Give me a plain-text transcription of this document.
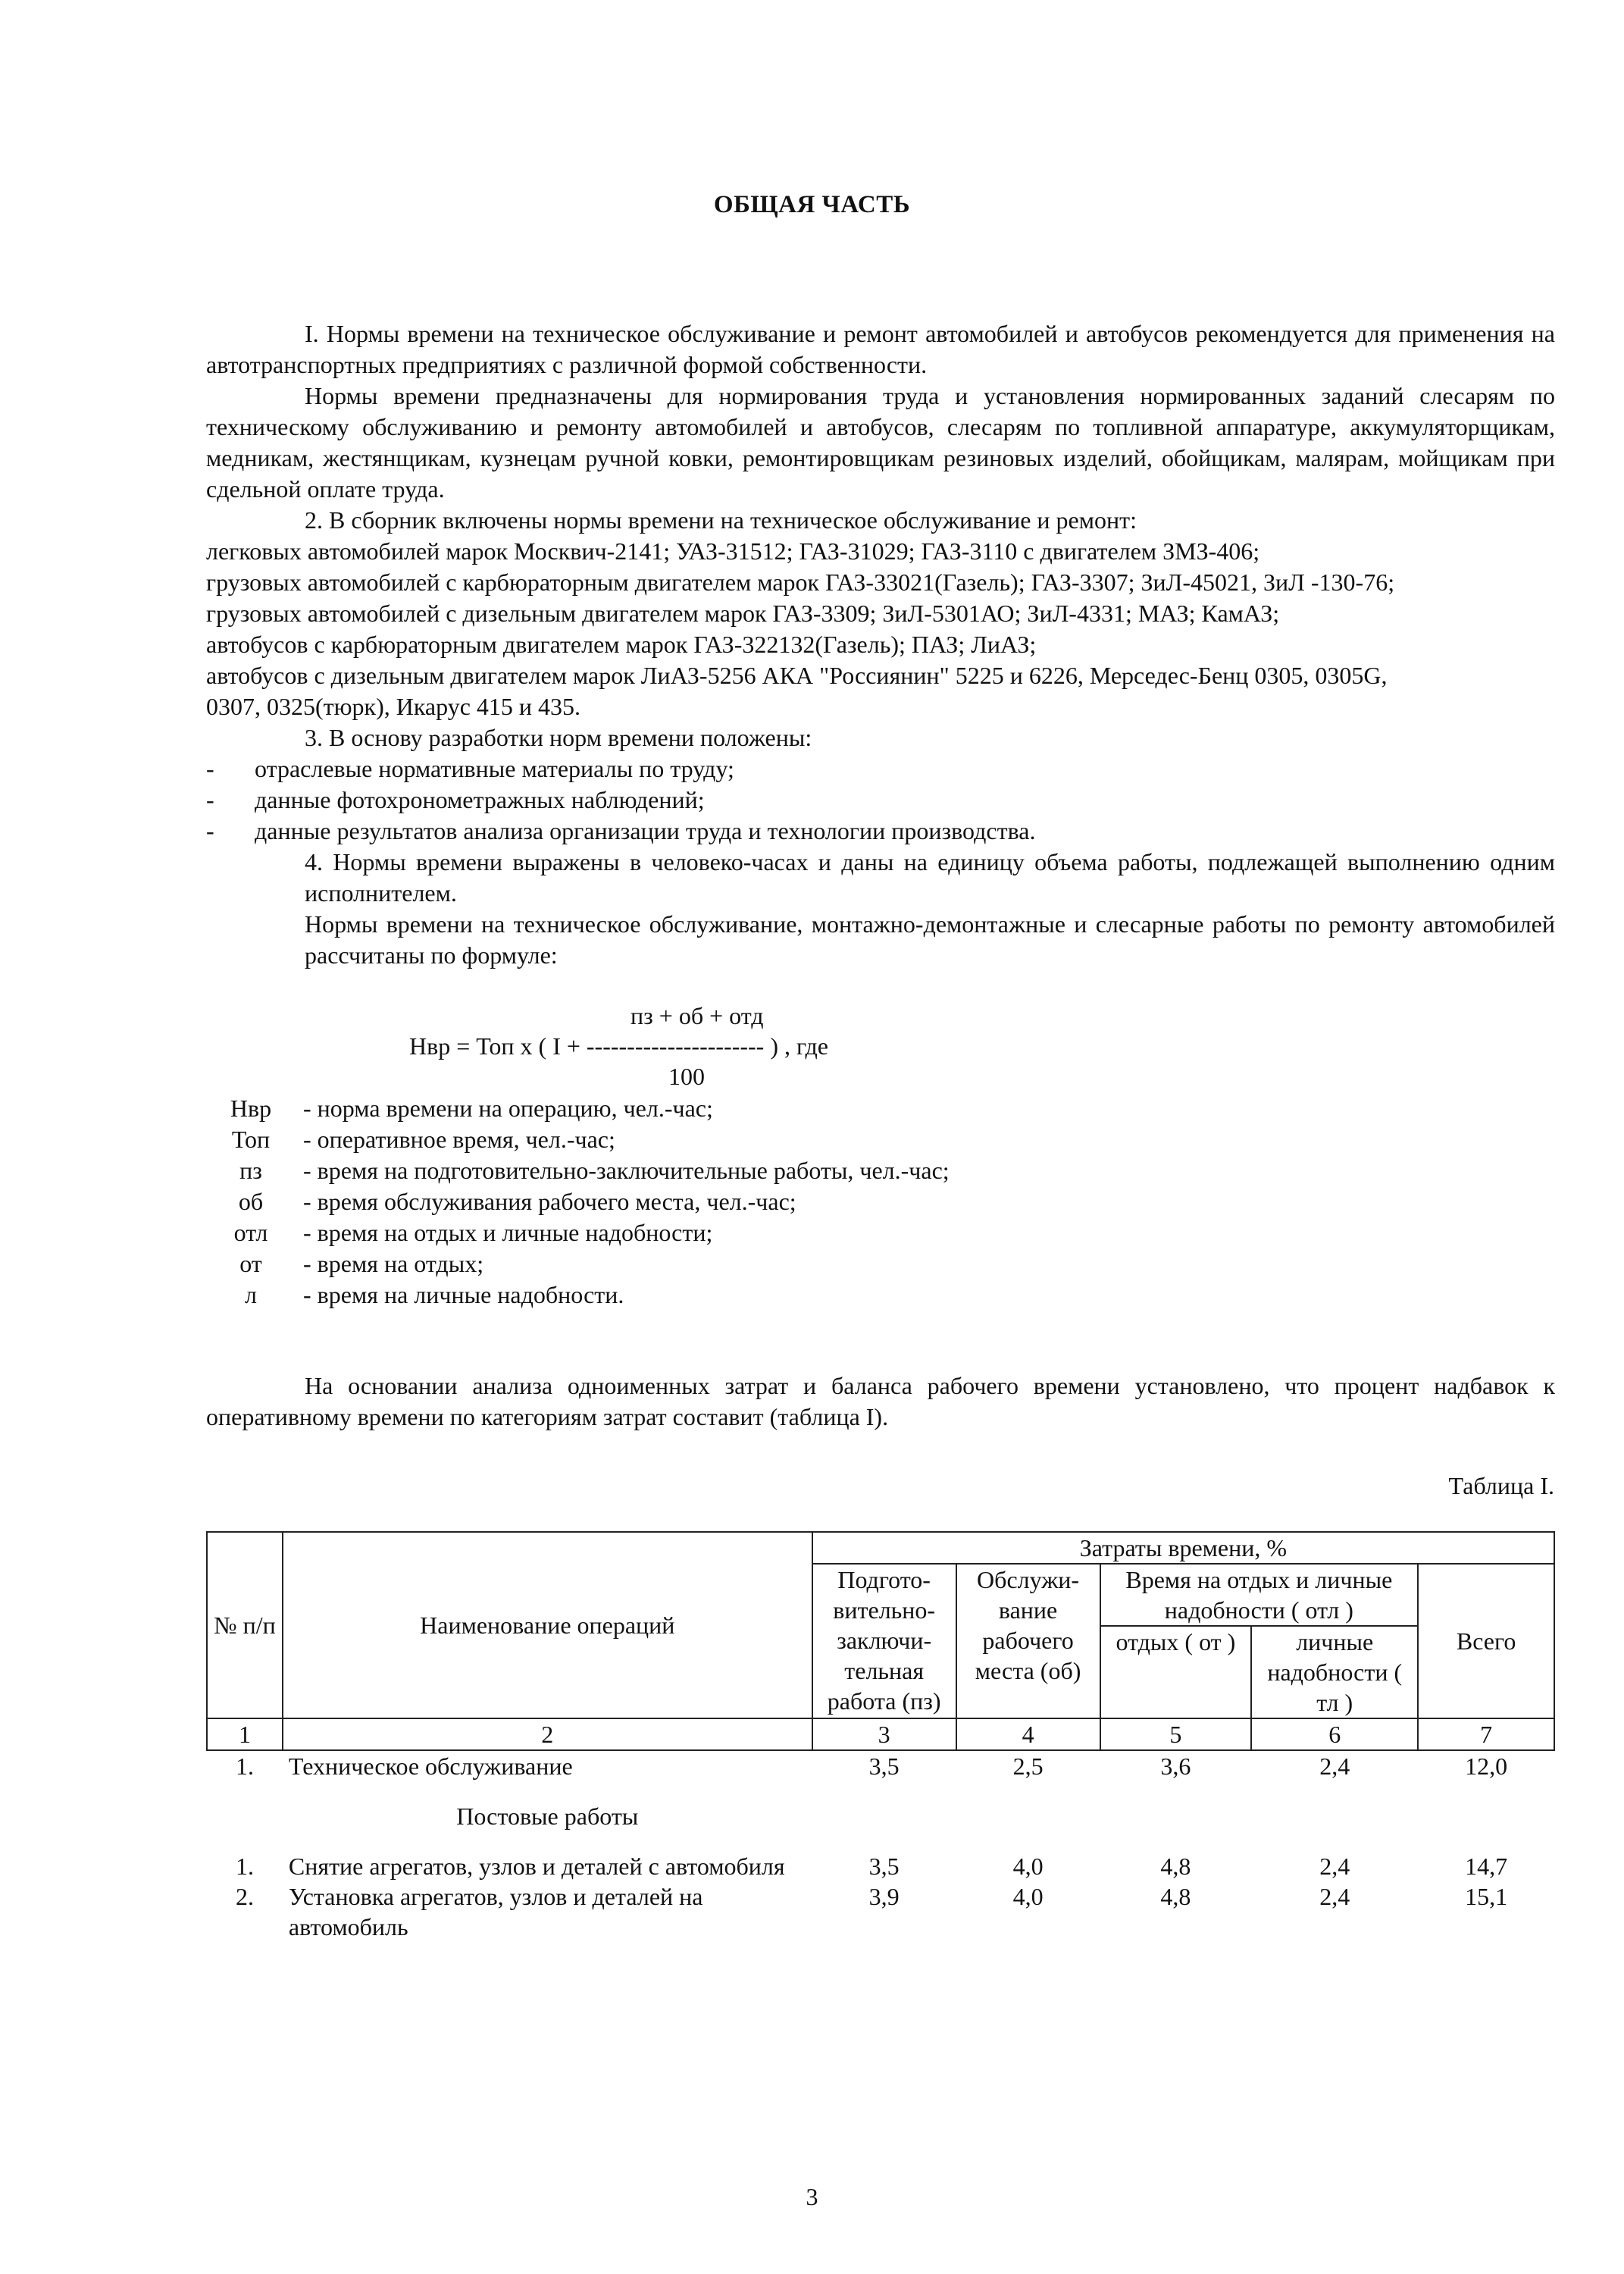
ОБЩАЯ ЧАСТЬ
I. Нормы времени на техническое обслуживание и ремонт автомобилей и автобусов рекомендуется для применения на автотранспортных предприятиях с различной формой собственности.
Нормы времени предназначены для нормирования труда и установления нормированных заданий слесарям по техническому обслуживанию и ремонту автомобилей и автобусов, слесарям по топливной аппаратуре, аккумуляторщикам, медникам, жестянщикам, кузнецам ручной ковки, ремонтировщикам резиновых изделий, обойщикам, малярам, мойщикам при сдельной оплате труда.
2. В сборник включены нормы времени на техническое обслуживание и ремонт:
легковых автомобилей марок Москвич-2141; УАЗ-31512; ГАЗ-31029; ГАЗ-3110 с двигателем ЗМЗ-406;
грузовых автомобилей с карбюраторным двигателем марок ГАЗ-33021(Газель); ГАЗ-3307; ЗиЛ-45021, ЗиЛ -130-76;
грузовых автомобилей с дизельным двигателем марок ГАЗ-3309; ЗиЛ-5301АО; ЗиЛ-4331; МАЗ; КамАЗ;
автобусов с карбюраторным двигателем марок ГАЗ-322132(Газель); ПАЗ; ЛиАЗ;
автобусов с дизельным двигателем марок ЛиАЗ-5256 АКА "Россиянин" 5225 и 6226, Мерседес-Бенц 0305, 0305G,
0307, 0325(тюрк), Икарус 415 и 435.
3. В основу разработки норм времени положены:
- отраслевые нормативные материалы по труду;
- данные фотохронометражных наблюдений;
- данные результатов анализа организации труда и технологии производства.
4. Нормы времени выражены в человеко-часах и даны на единицу объема работы, подлежащей выполнению одним исполнителем.
Нормы времени на техническое обслуживание, монтажно-демонтажные и слесарные работы по ремонту автомобилей рассчитаны по формуле:
пз + об + отд
Нвр = Топ х ( I + ---------------------- ) , где
100
Нвр	- норма времени на операцию, чел.-час;
Топ	- оперативное время, чел.-час;
пз	- время на подготовительно-заключительные работы, чел.-час;
об	- время обслуживания рабочего места, чел.-час;
отл	- время на отдых и личные надобности;
от	- время на отдых;
л	- время на личные надобности.
На основании анализа одноименных затрат и баланса рабочего времени установлено, что процент надбавок к оперативному времени по категориям затрат составит (таблица I).
Таблица I.
№ п/п	Наименование операций	Затраты времени, %				
		Подгото-вительно-заключи-тельная работа (пз)	Обслужи-вание рабочего места (об)	Время на отдых и личные надобности ( отл )		Всего
				отдых ( от )	личные надобности ( тл )	
1	2	3	4	5	6	7
1.	Техническое обслуживание	3,5	2,5	3,6	2,4	12,0
	Постовые работы					
1.	Снятие агрегатов, узлов и деталей с автомобиля	3,5	4,0	4,8	2,4	14,7
2.	Установка агрегатов, узлов и деталей на автомобиль	3,9	4,0	4,8	2,4	15,1
3
